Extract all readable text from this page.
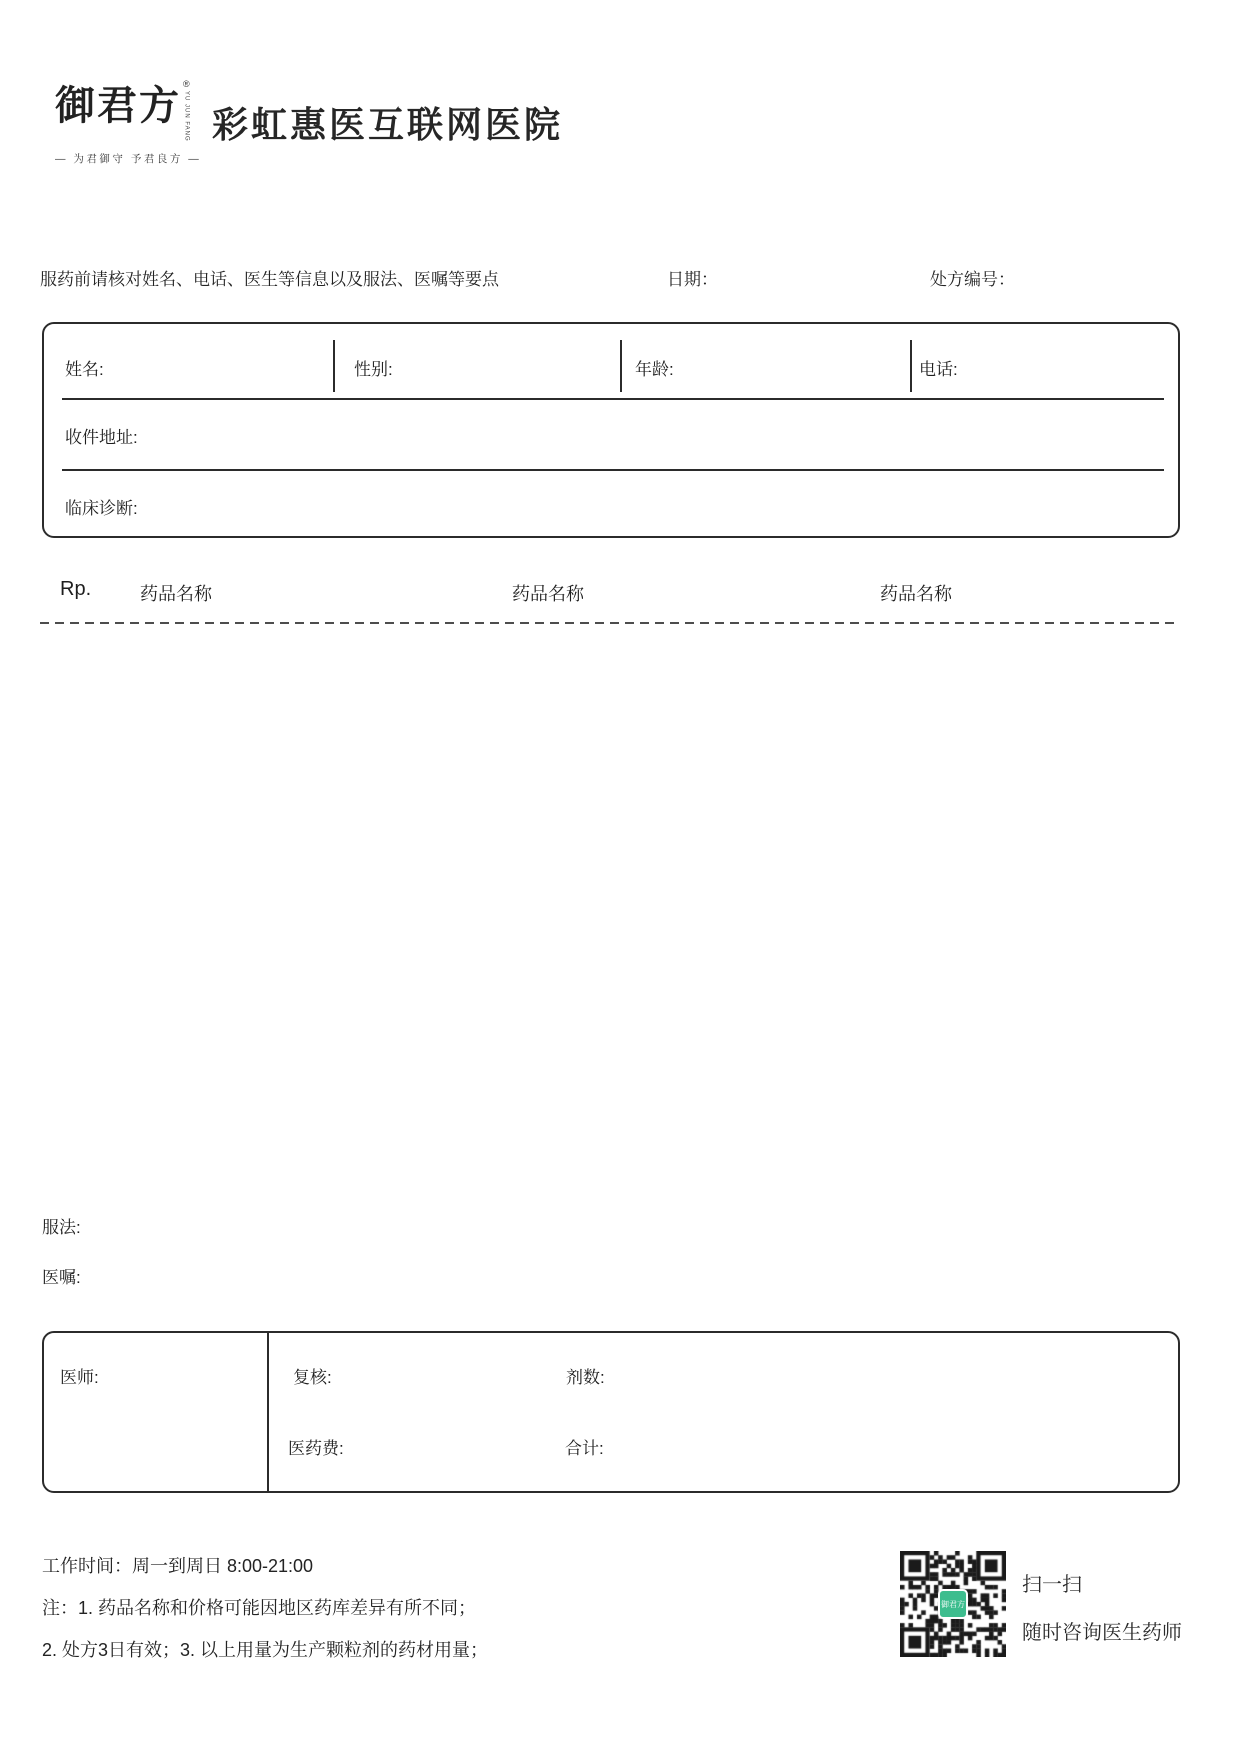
御君方 ®
YU JUN FANG
— 为君御守 予君良方 —
彩虹惠医互联网医院
服药前请核对姓名、电话、医生等信息以及服法、医嘱等要点	日期：	处方编号：
姓名:	性别:	年龄:	电话:
收件地址:
临床诊断:
Rp.	药品名称	药品名称	药品名称
服法:
医嘱:
医师:	复核:	剂数:
医药费:	合计:
工作时间：周一到周日 8:00-21:00
注：1. 药品名称和价格可能因地区药库差异有所不同；
2. 处方3日有效；3. 以上用量为生产颗粒剂的药材用量；
御君方
扫一扫
随时咨询医生药师
